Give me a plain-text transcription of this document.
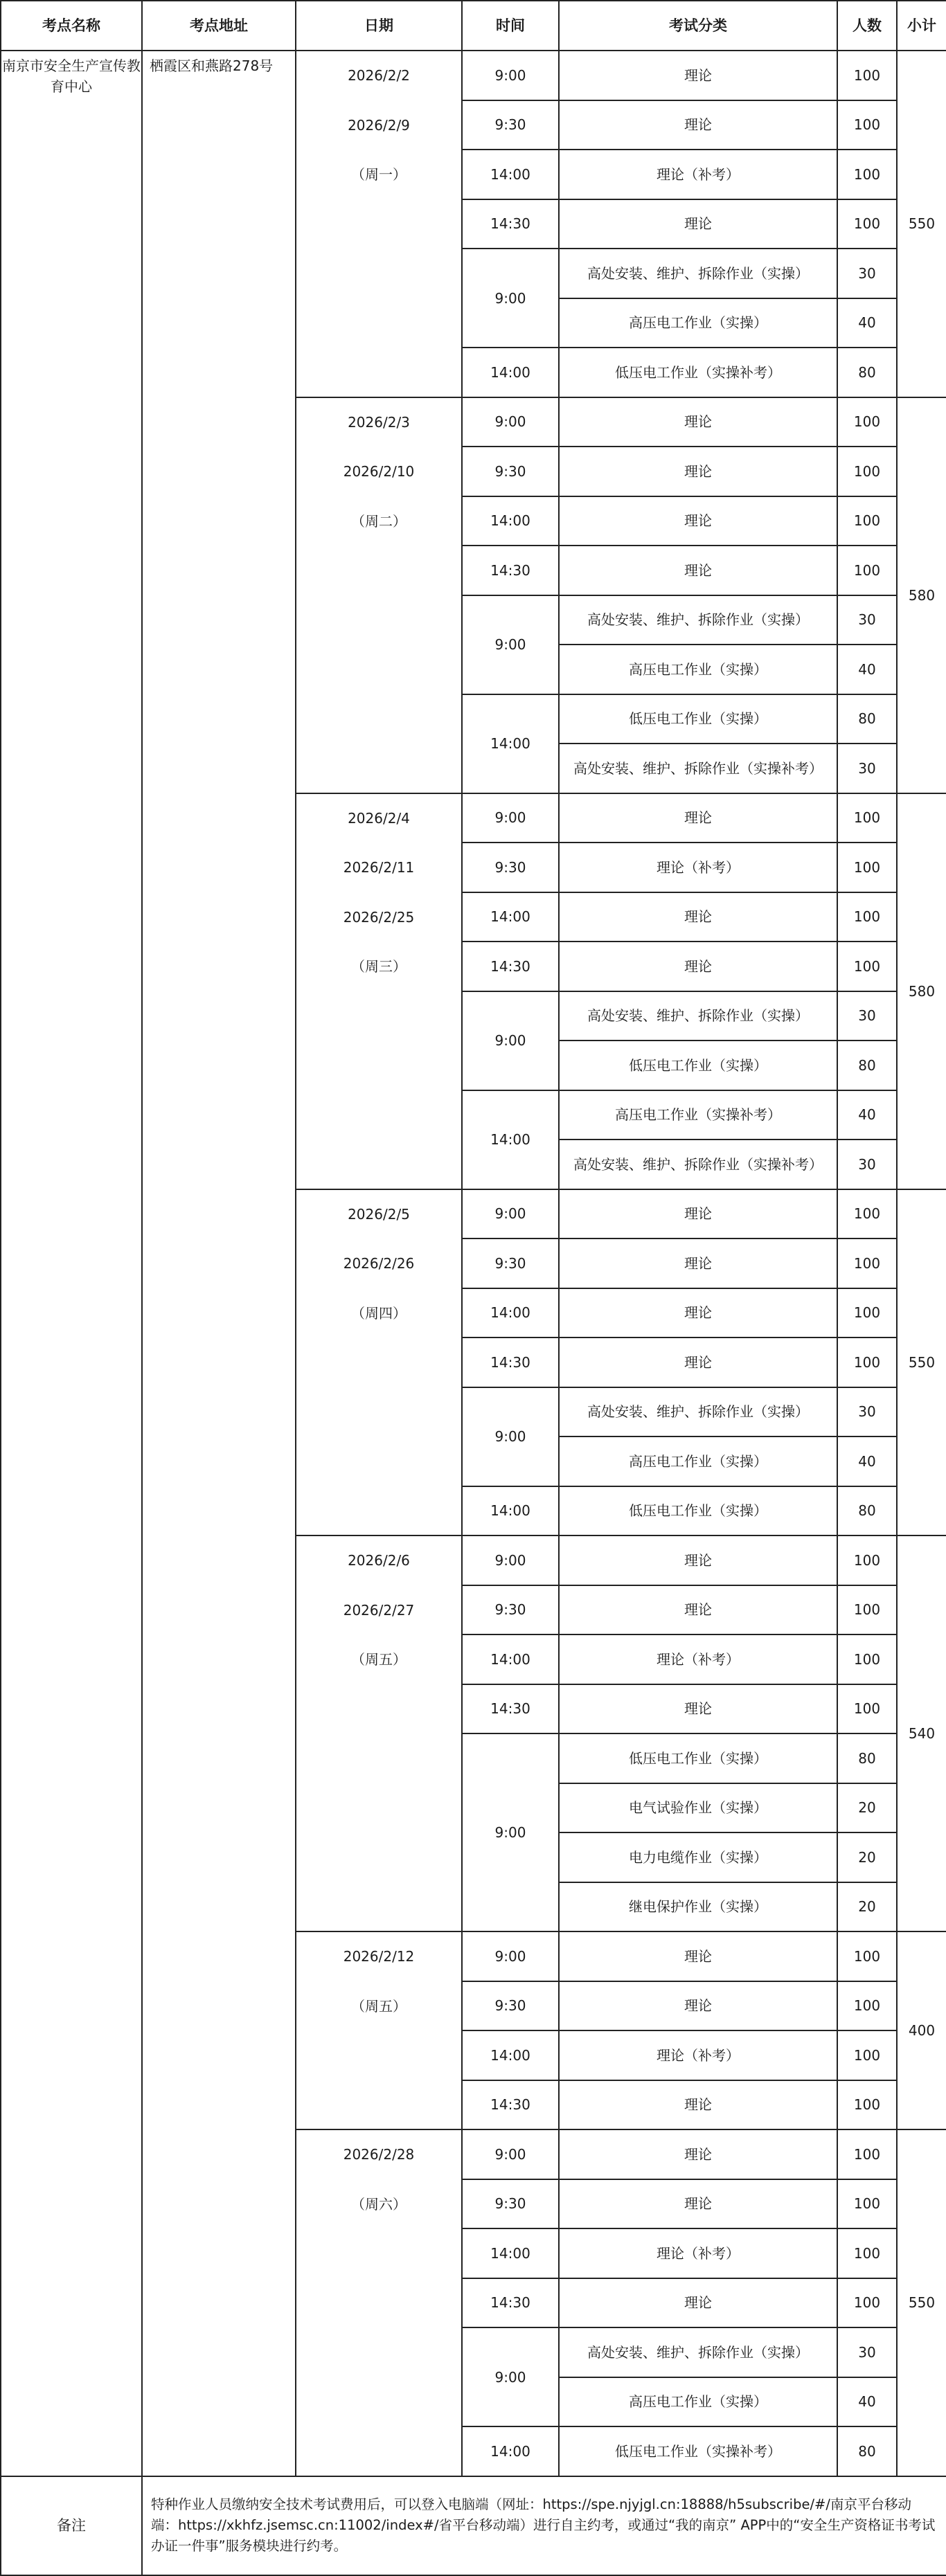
考点名称	考点地址	日期	时间	考试分类	人数	小计
南京市安全生产宣传教育中心	栖霞区和燕路278号	2026/2/2
2026/2/9
（周一）	9:00	理论	100	550
			9:30	理论	100	
			14:00	理论（补考）	100	
			14:30	理论	100	
			9:00	高处安装、维护、拆除作业（实操）	30	
				高压电工作业（实操）	40	
			14:00	低压电工作业（实操补考）	80	

		2026/2/3
2026/2/10
（周二）	9:00	理论	100	580
			9:30	理论	100	
			14:00	理论	100	
			14:30	理论	100	
			9:00	高处安装、维护、拆除作业（实操）	30	
				高压电工作业（实操）	40	
			14:00	低压电工作业（实操）	80	
				高处安装、维护、拆除作业（实操补考）	30	

		2026/2/4
2026/2/11
2026/2/25
（周三）	9:00	理论	100	580
			9:30	理论（补考）	100	
			14:00	理论	100	
			14:30	理论	100	
			9:00	高处安装、维护、拆除作业（实操）	30	
				低压电工作业（实操）	80	
			14:00	高压电工作业（实操补考）	40	
				高处安装、维护、拆除作业（实操补考）	30	

		2026/2/5
2026/2/26
（周四）	9:00	理论	100	550
			9:30	理论	100	
			14:00	理论	100	
			14:30	理论	100	
			9:00	高处安装、维护、拆除作业（实操）	30	
				高压电工作业（实操）	40	
			14:00	低压电工作业（实操）	80	

		2026/2/6
2026/2/27
（周五）	9:00	理论	100	540
			9:30	理论	100	
			14:00	理论（补考）	100	
			14:30	理论	100	
			9:00	低压电工作业（实操）	80	
				电气试验作业（实操）	20	
				电力电缆作业（实操）	20	
				继电保护作业（实操）	20	

		2026/2/12
（周五）	9:00	理论	100	400
			9:30	理论	100	
			14:00	理论（补考）	100	
			14:30	理论	100	

		2026/2/28
（周六）	9:00	理论	100	550
			9:30	理论	100	
			14:00	理论（补考）	100	
			14:30	理论	100	
			9:00	高处安装、维护、拆除作业（实操）	30	
				高压电工作业（实操）	40	
			14:00	低压电工作业（实操补考）	80	
备注	特种作业人员缴纳安全技术考试费用后，可以登入电脑端（网址：https://spe.njyjgl.cn:18888/h5subscribe/#/南京平台移动端：https://xkhfz.jsemsc.cn:11002/index#/省平台移动端）进行自主约考，或通过“我的南京” APP中的“安全生产资格证书考试办证一件事”服务模块进行约考。					
